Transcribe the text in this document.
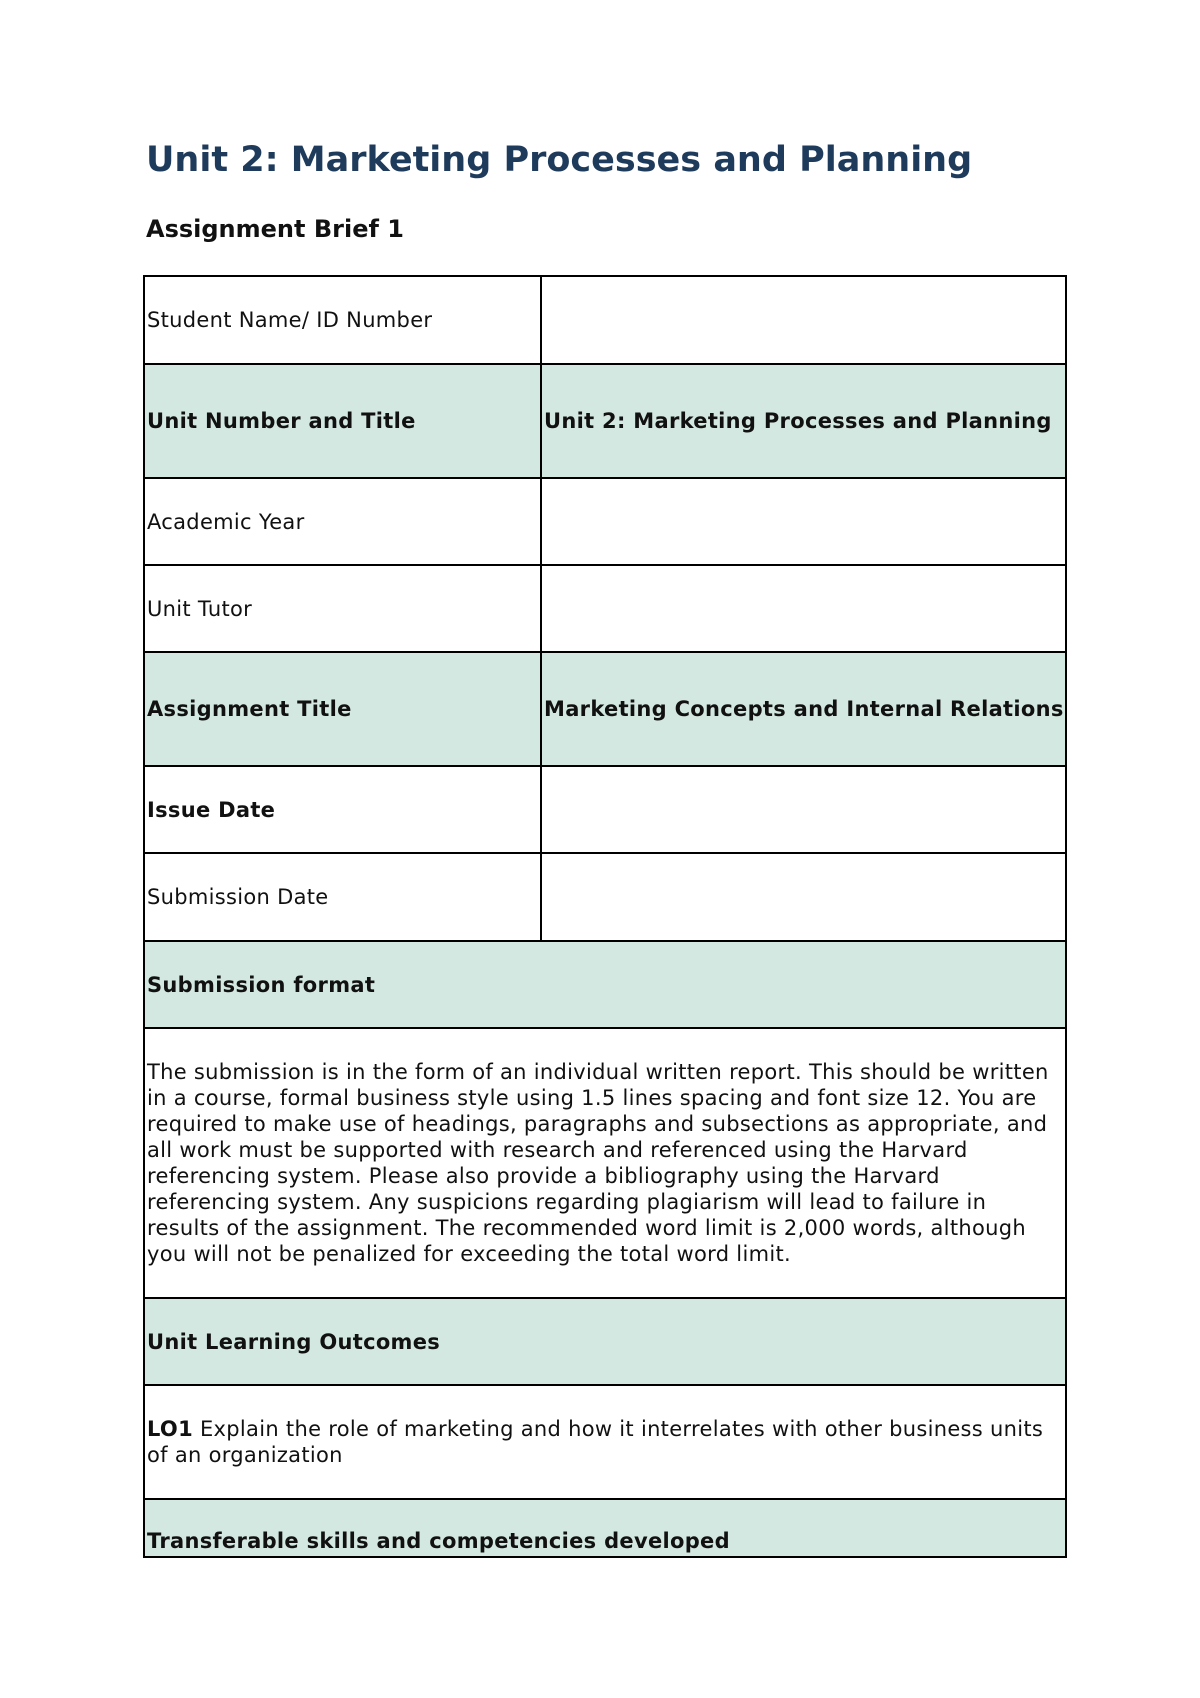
Unit 2: Marketing Processes and Planning
Assignment Brief 1
Student Name/ ID Number	
Unit Number and Title	Unit 2: Marketing Processes and Planning
Academic Year	
Unit Tutor	
Assignment Title	Marketing Concepts and Internal Relations
Issue Date	
Submission Date	
Submission format	
The submission is in the form of an individual written report. This should be written in a course, formal business style using 1.5 lines spacing and font size 12. You are required to make use of headings, paragraphs and subsections as appropriate, and all work must be supported with research and referenced using the Harvard referencing system. Please also provide a bibliography using the Harvard referencing system. Any suspicions regarding plagiarism will lead to failure in results of the assignment. The recommended word limit is 2,000 words, although you will not be penalized for exceeding the total word limit.	
Unit Learning Outcomes	
LO1 Explain the role of marketing and how it interrelates with other business units of an organization	
Transferable skills and competencies developed	
